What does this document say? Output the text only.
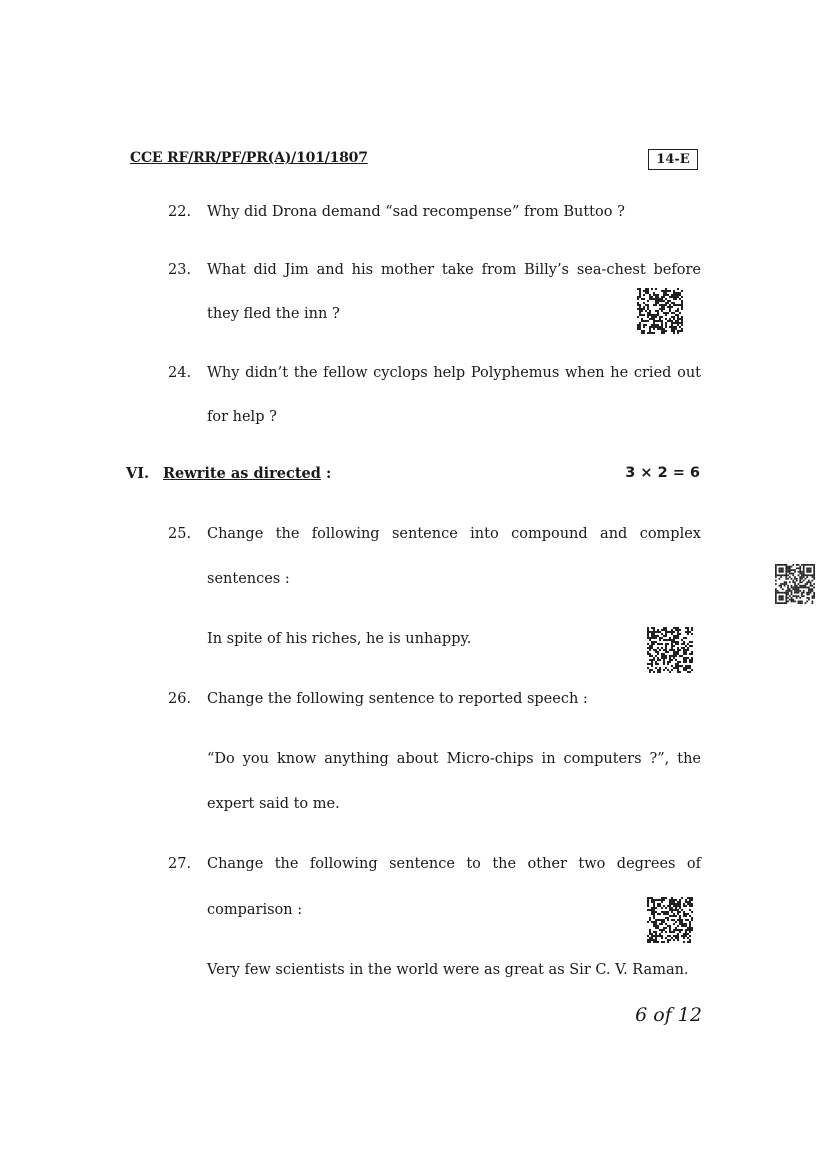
CCE RF/RR/PF/PR(A)/101/1807	14-E
22. Why did Drona demand “sad recompense” from Buttoo ?
23. What did Jim and his mother take from Billy’s sea-chest before
they fled the inn ?
24. Why didn’t the fellow cyclops help Polyphemus when he cried out
for help ?
VI. Rewrite as directed :	3 × 2 = 6
25. Change the following sentence into compound and complex
sentences :
In spite of his riches, he is unhappy.
26. Change the following sentence to reported speech :
“Do you know anything about Micro-chips in computers ?”, the
expert said to me.
27. Change the following sentence to the other two degrees of
comparison :
Very few scientists in the world were as great as Sir C. V. Raman.
6 of 12
